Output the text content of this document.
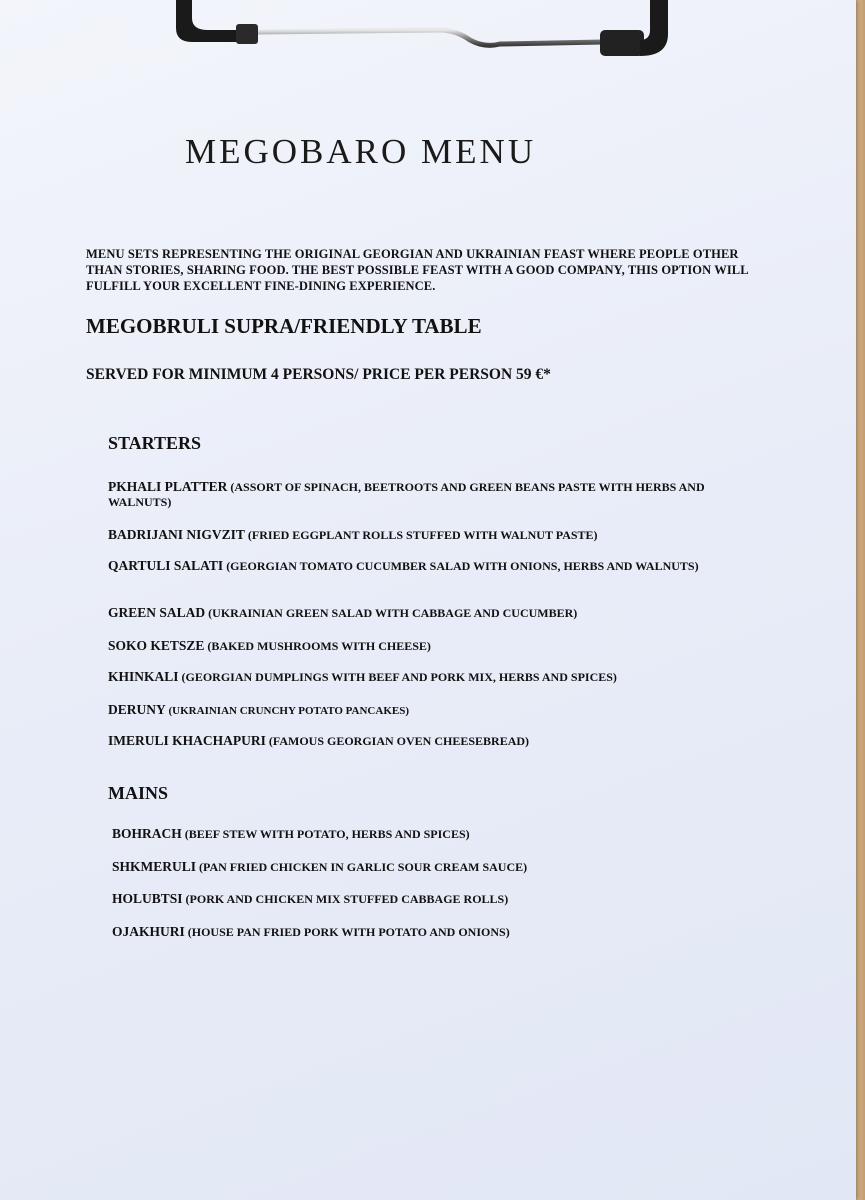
MEGOBARO MENU
MENU SETS REPRESENTING THE ORIGINAL GEORGIAN AND UKRAINIAN FEAST WHERE PEOPLE OTHER THAN STORIES, SHARING FOOD. THE BEST POSSIBLE FEAST WITH A GOOD COMPANY, THIS OPTION WILL FULFILL YOUR EXCELLENT FINE-DINING EXPERIENCE.
MEGOBRULI SUPRA/FRIENDLY TABLE
SERVED FOR MINIMUM 4 PERSONS/ PRICE PER PERSON 59 €*
STARTERS
PKHALI PLATTER (ASSORT OF SPINACH, BEETROOTS AND GREEN BEANS PASTE WITH HERBS AND WALNUTS)
BADRIJANI NIGVZIT (FRIED EGGPLANT ROLLS STUFFED WITH WALNUT PASTE)
QARTULI SALATI (GEORGIAN TOMATO CUCUMBER SALAD WITH ONIONS, HERBS AND WALNUTS)
GREEN SALAD (UKRAINIAN GREEN SALAD WITH CABBAGE AND CUCUMBER)
SOKO KETSZE (BAKED MUSHROOMS WITH CHEESE)
KHINKALI (GEORGIAN DUMPLINGS WITH BEEF AND PORK MIX, HERBS AND SPICES)
DERUNY (UKRAINIAN CRUNCHY POTATO PANCAKES)
IMERULI KHACHAPURI (FAMOUS GEORGIAN OVEN CHEESEBREAD)
MAINS
BOHRACH (BEEF STEW WITH POTATO, HERBS AND SPICES)
SHKMERULI (PAN FRIED CHICKEN IN GARLIC SOUR CREAM SAUCE)
HOLUBTSI (PORK AND CHICKEN MIX STUFFED CABBAGE ROLLS)
OJAKHURI (HOUSE PAN FRIED PORK WITH POTATO AND ONIONS)
